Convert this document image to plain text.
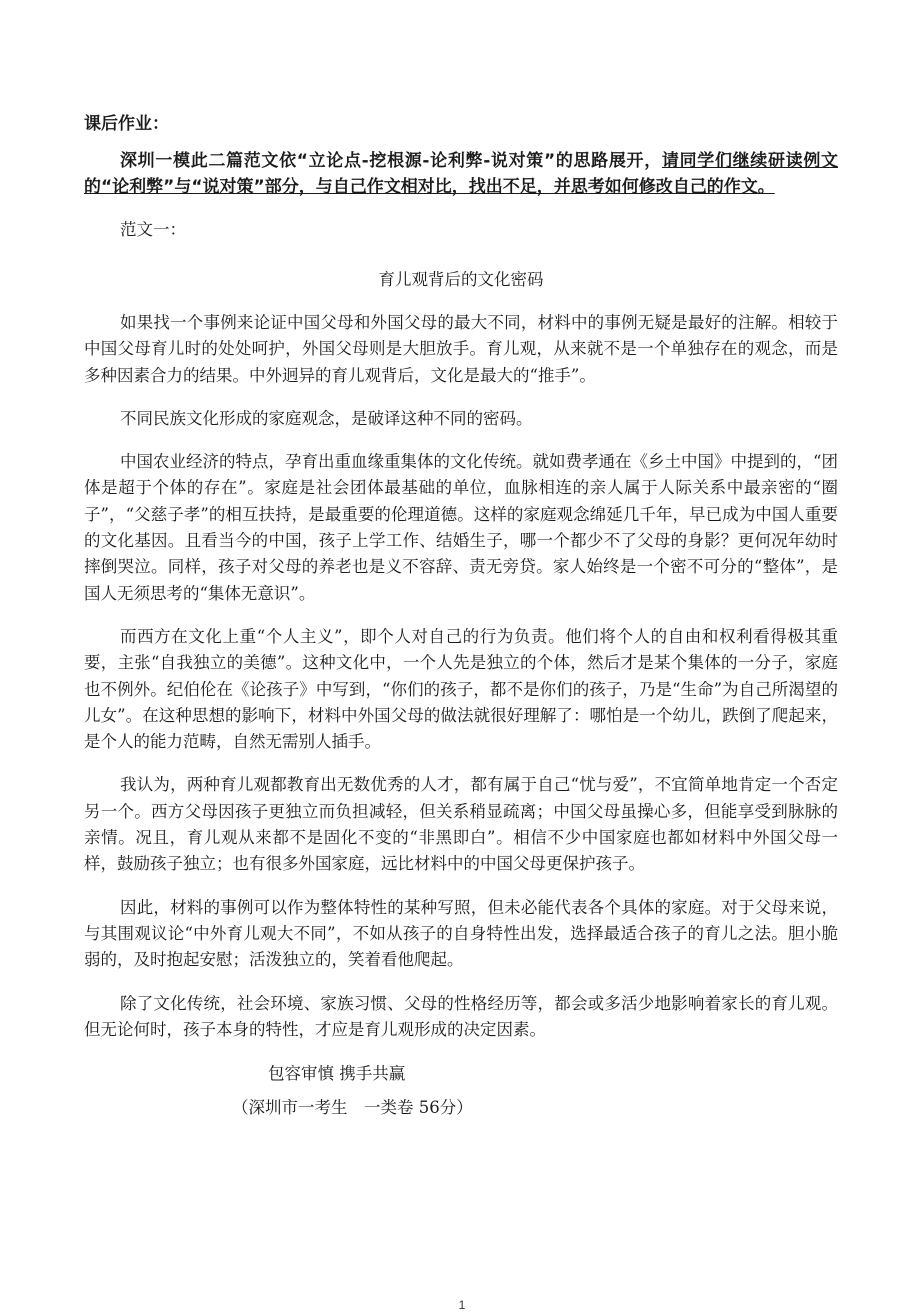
课后作业：

深圳一模此二篇范文依“立论点-挖根源-论利弊-说对策”的思路展开，请同学们继续研读例文的“论利弊”与“说对策”部分，与自己作文相对比，找出不足，并思考如何修改自己的作文。

范文一：

育儿观背后的文化密码

如果找一个事例来论证中国父母和外国父母的最大不同，材料中的事例无疑是最好的注解。相较于中国父母育儿时的处处呵护，外国父母则是大胆放手。育儿观，从来就不是一个单独存在的观念，而是多种因素合力的结果。中外迥异的育儿观背后，文化是最大的“推手”。

不同民族文化形成的家庭观念，是破译这种不同的密码。

中国农业经济的特点，孕育出重血缘重集体的文化传统。就如费孝通在《乡土中国》中提到的，“团体是超于个体的存在”。家庭是社会团体最基础的单位，血脉相连的亲人属于人际关系中最亲密的“圈子”，“父慈子孝”的相互扶持，是最重要的伦理道德。这样的家庭观念绵延几千年，早已成为中国人重要的文化基因。且看当今的中国，孩子上学工作、结婚生子，哪一个都少不了父母的身影？更何况年幼时摔倒哭泣。同样，孩子对父母的养老也是义不容辞、责无旁贷。家人始终是一个密不可分的“整体”，是国人无须思考的“集体无意识”。

而西方在文化上重“个人主义”，即个人对自己的行为负责。他们将个人的自由和权利看得极其重要，主张“自我独立的美德”。这种文化中，一个人先是独立的个体，然后才是某个集体的一分子，家庭也不例外。纪伯伦在《论孩子》中写到，“你们的孩子，都不是你们的孩子，乃是“生命”为自己所渴望的儿女”。在这种思想的影响下，材料中外国父母的做法就很好理解了：哪怕是一个幼儿，跌倒了爬起来，是个人的能力范畴，自然无需别人插手。

我认为，两种育儿观都教育出无数优秀的人才，都有属于自己“忧与爱”，不宜简单地肯定一个否定另一个。西方父母因孩子更独立而负担减轻，但关系稍显疏离；中国父母虽操心多，但能享受到脉脉的亲情。况且，育儿观从来都不是固化不变的“非黑即白”。相信不少中国家庭也都如材料中外国父母一样，鼓励孩子独立；也有很多外国家庭，远比材料中的中国父母更保护孩子。

因此，材料的事例可以作为整体特性的某种写照，但未必能代表各个具体的家庭。对于父母来说，与其围观议论“中外育儿观大不同”，不如从孩子的自身特性出发，选择最适合孩子的育儿之法。胆小脆弱的，及时抱起安慰；活泼独立的，笑着看他爬起。

除了文化传统，社会环境、家族习惯、父母的性格经历等，都会或多活少地影响着家长的育儿观。但无论何时，孩子本身的特性，才应是育儿观形成的决定因素。

包容审慎 携手共赢

（深圳市一考生　一类卷 56分）

1
